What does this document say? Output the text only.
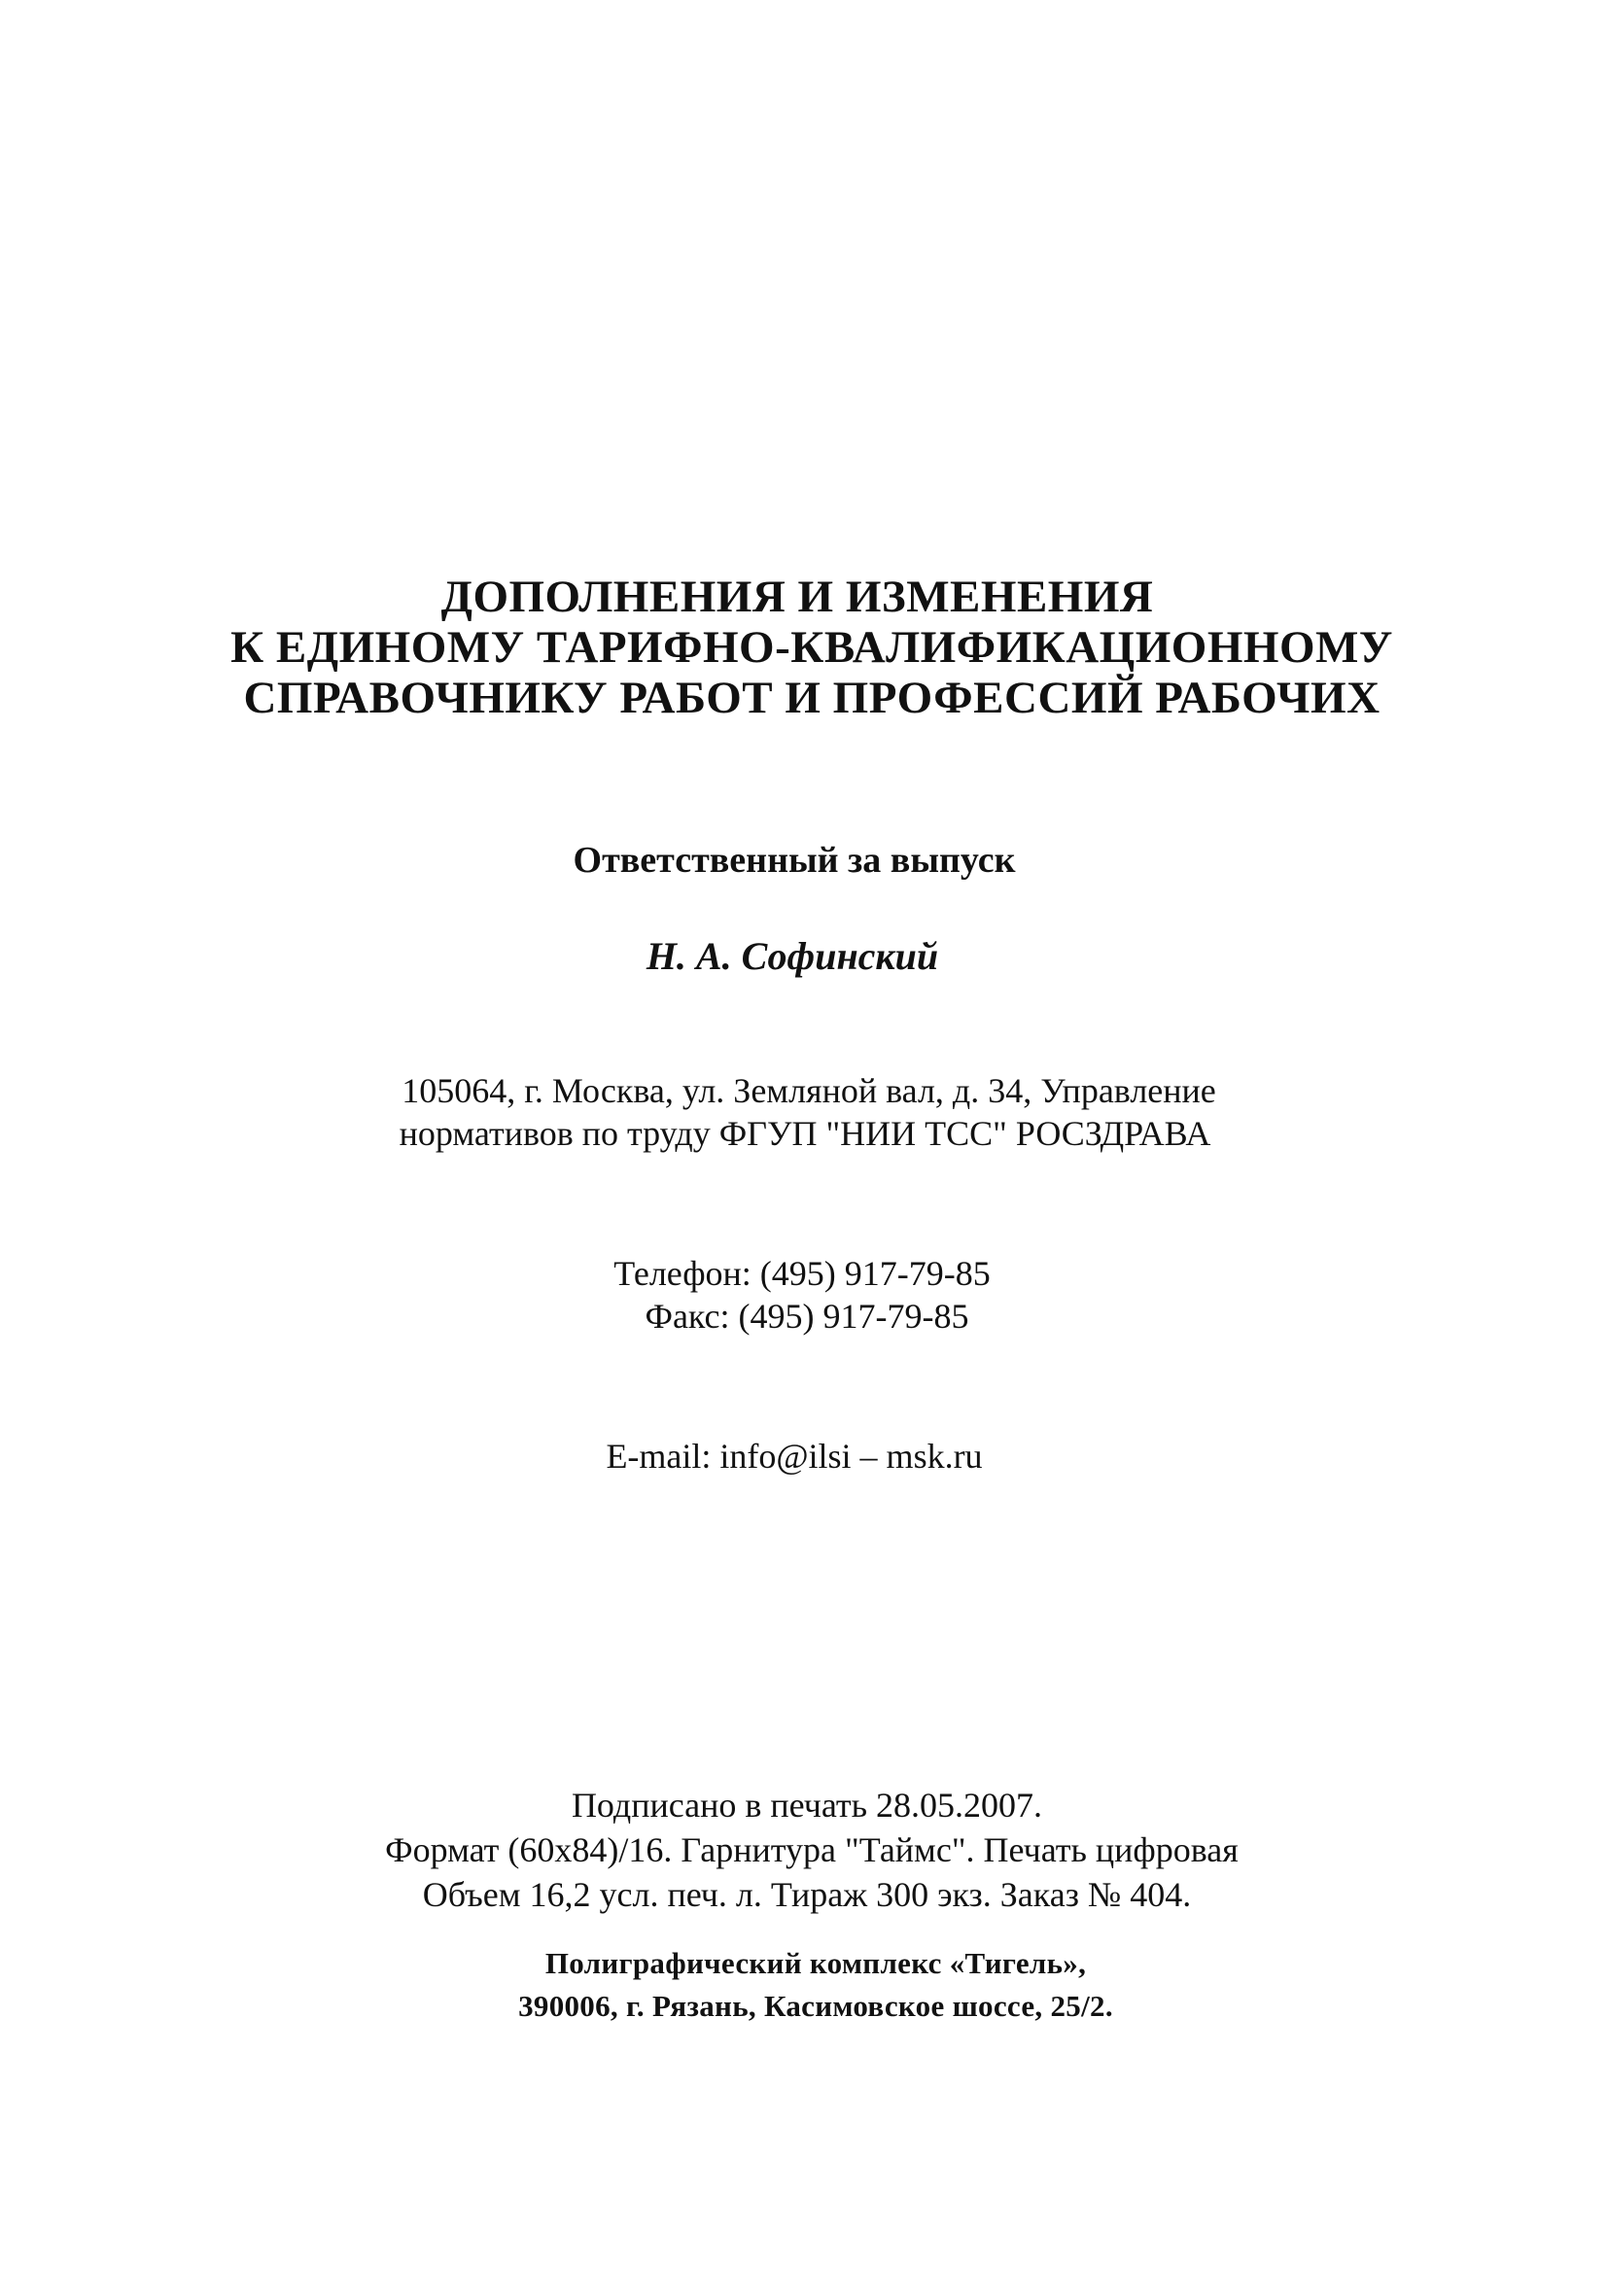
ДОПОЛНЕНИЯ И ИЗМЕНЕНИЯ
К ЕДИНОМУ ТАРИФНО-КВАЛИФИКАЦИОННОМУ
СПРАВОЧНИКУ РАБОТ И ПРОФЕССИЙ РАБОЧИХ
Ответственный за выпуск
Н. А. Софинский
105064, г. Москва, ул. Земляной вал, д. 34, Управление
нормативов по труду ФГУП "НИИ ТСС" РОСЗДРАВА
Телефон: (495) 917-79-85
Факс: (495) 917-79-85
E-mail: info@ilsi – msk.ru
Подписано в печать 28.05.2007.
Формат (60x84)/16. Гарнитура "Таймс". Печать цифровая
Объем 16,2 усл. печ. л. Тираж 300 экз. Заказ № 404.
Полиграфический комплекс «Тигель»,
390006, г. Рязань, Касимовское шоссе, 25/2.
